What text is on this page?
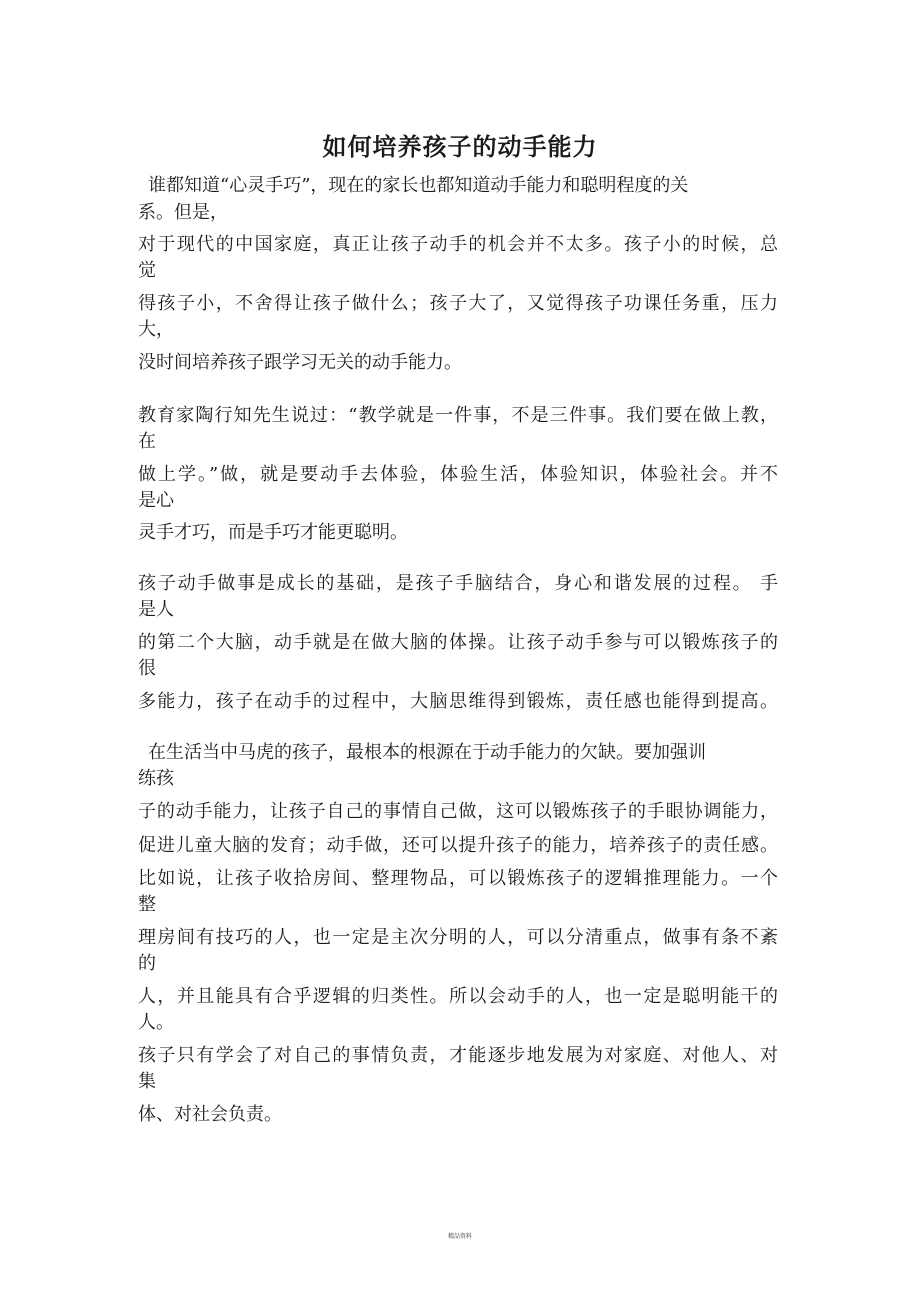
如何培养孩子的动手能力

谁都知道“心灵手巧”，现在的家长也都知道动手能力和聪明程度的关

系。但是，

对于现代的中国家庭，真正让孩子动手的机会并不太多。孩子小的时候，总

觉

得孩子小，不舍得让孩子做什么；孩子大了，又觉得孩子功课任务重，压力

大，

没时间培养孩子跟学习无关的动手能力。

教育家陶行知先生说过：“教学就是一件事，不是三件事。我们要在做上教，

在

做上学。”做，就是要动手去体验，体验生活，体验知识，体验社会。并不

是心

灵手才巧，而是手巧才能更聪明。

孩子动手做事是成长的基础，是孩子手脑结合，身心和谐发展的过程。 手

是人

的第二个大脑，动手就是在做大脑的体操。让孩子动手参与可以锻炼孩子的

很

多能力，孩子在动手的过程中，大脑思维得到锻炼，责任感也能得到提高。

在生活当中马虎的孩子，最根本的根源在于动手能力的欠缺。要加强训

练孩

子的动手能力，让孩子自己的事情自己做，这可以锻炼孩子的手眼协调能力，

促进儿童大脑的发育；动手做，还可以提升孩子的能力，培养孩子的责任感。

比如说，让孩子收拾房间、整理物品，可以锻炼孩子的逻辑推理能力。一个

整

理房间有技巧的人，也一定是主次分明的人，可以分清重点，做事有条不紊

的

人，并且能具有合乎逻辑的归类性。所以会动手的人，也一定是聪明能干的

人。

孩子只有学会了对自己的事情负责，才能逐步地发展为对家庭、对他人、对

集

体、对社会负责。

精品资料
